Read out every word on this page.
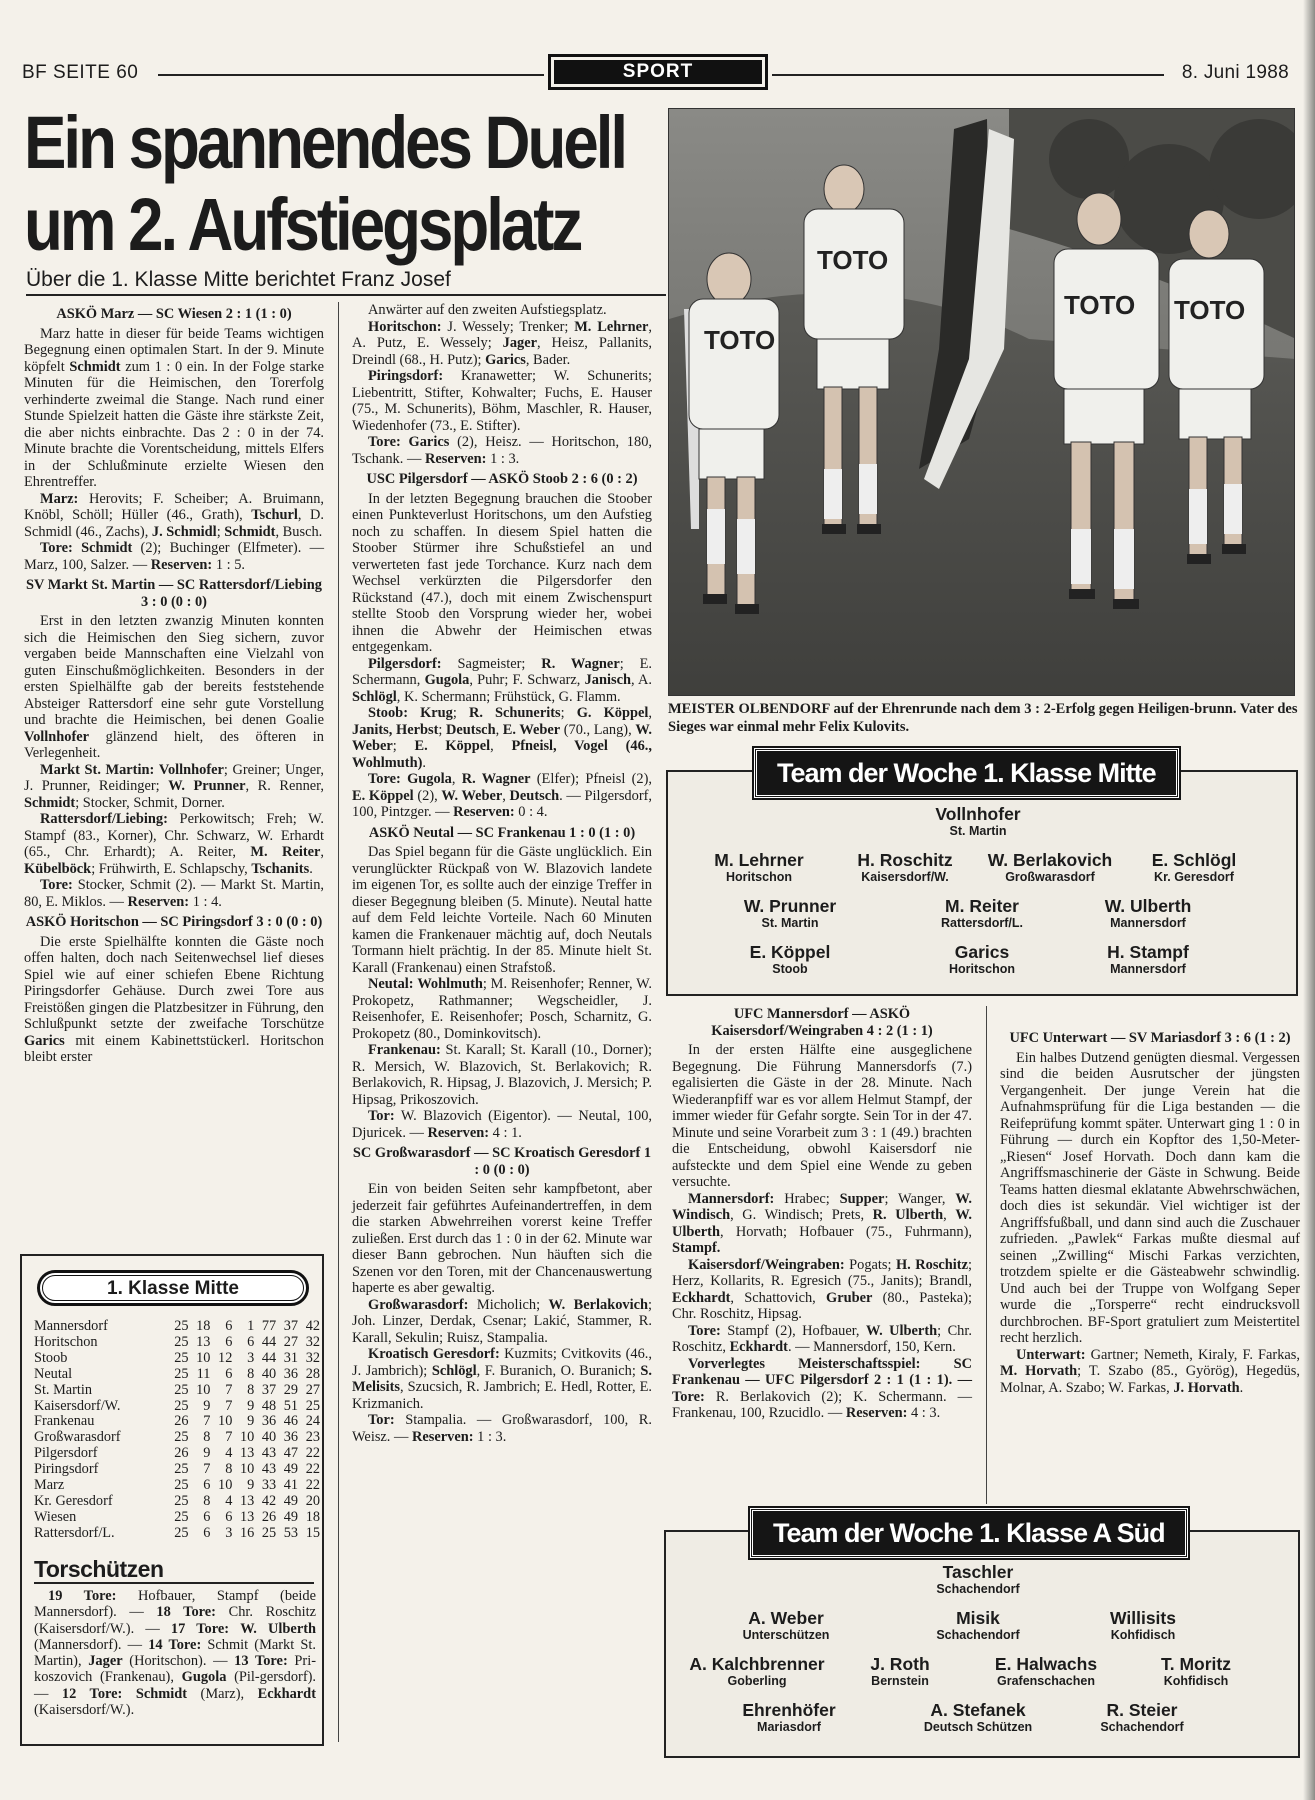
BF SEITE 60	SPORT	8. Juni 1988
Ein spannendes Duell
um 2. Aufstiegsplatz
Über die 1. Klasse Mitte berichtet Franz Josef

ASKÖ Marz — SC Wiesen 2 : 1 (1 : 0)

Marz hatte in dieser für beide Teams wichtigen Begegnung einen optimalen Start. In der 9. Minute köpfelt Schmidt zum 1 : 0 ein. In der Folge starke Minuten für die Heimischen, den Torerfolg verhinderte zweimal die Stange. Nach rund einer Stunde Spielzeit hatten die Gäste ihre stärkste Zeit, die aber nichts einbrachte. Das 2 : 0 in der 74. Minute brachte die Vorentscheidung, mittels Elfers in der Schlußminute erzielte Wiesen den Ehrentreffer.

Marz: Herovits; F. Scheiber; A. Bruimann, Knöbl, Schöll; Hüller (46., Grath), Tschurl, D. Schmidl (46., Zachs), J. Schmidl; Schmidt, Busch.

Tore: Schmidt (2); Buchinger (Elfmeter). — Marz, 100, Salzer. — Reserven: 1 : 5.

SV Markt St. Martin — SC Rattersdorf/Liebing 3 : 0 (0 : 0)

Erst in den letzten zwanzig Minuten konnten sich die Heimischen den Sieg sichern, zuvor vergaben beide Mannschaften eine Vielzahl von guten Einschußmöglichkeiten. Besonders in der ersten Spielhälfte gab der bereits feststehende Absteiger Rattersdorf eine sehr gute Vorstellung und brachte die Heimischen, bei denen Goalie Vollnhofer glänzend hielt, des öfteren in Verlegenheit.

Markt St. Martin: Vollnhofer; Greiner; Unger, J. Prunner, Reidinger; W. Prunner, R. Renner, Schmidt; Stocker, Schmit, Dorner.

Rattersdorf/Liebing: Perkowitsch; Freh; W. Stampf (83., Korner), Chr. Schwarz, W. Erhardt (65., Chr. Erhardt); A. Reiter, M. Reiter, Kübelböck; Frühwirth, E. Schlapschy, Tschanits.

Tore: Stocker, Schmit (2). — Markt St. Martin, 80, E. Miklos. — Reserven: 1 : 4.

ASKÖ Horitschon — SC Piringsdorf 3 : 0 (0 : 0)

Die erste Spielhälfte konnten die Gäste noch offen halten, doch nach Seitenwechsel lief dieses Spiel wie auf einer schiefen Ebene Richtung Piringsdorfer Gehäuse. Durch zwei Tore aus Freistößen gingen die Platzbesitzer in Führung, den Schlußpunkt setzte der zweifache Torschütze Garics mit einem Kabinettstückerl. Horitschon bleibt erster

Anwärter auf den zweiten Aufstiegsplatz.

Horitschon: J. Wessely; Trenker; M. Lehrner, A. Putz, E. Wessely; Jager, Heisz, Pallanits, Dreindl (68., H. Putz); Garics, Bader.

Piringsdorf: Kranawetter; W. Schunerits; Liebentritt, Stifter, Kohwalter; Fuchs, E. Hauser (75., M. Schunerits), Böhm, Maschler, R. Hauser, Wiedenhofer (73., E. Stifter).

Tore: Garics (2), Heisz. — Horitschon, 180, Tschank. — Reserven: 1 : 3.

USC Pilgersdorf — ASKÖ Stoob 2 : 6 (0 : 2)

In der letzten Begegnung brauchen die Stoober einen Punkteverlust Horitschons, um den Aufstieg noch zu schaffen. In diesem Spiel hatten die Stoober Stürmer ihre Schußstiefel an und verwerteten fast jede Torchance. Kurz nach dem Wechsel verkürzten die Pilgersdorfer den Rückstand (47.), doch mit einem Zwischenspurt stellte Stoob den Vorsprung wieder her, wobei ihnen die Abwehr der Heimischen etwas entgegenkam.

Pilgersdorf: Sagmeister; R. Wagner; E. Schermann, Gugola, Puhr; F. Schwarz, Janisch, A. Schlögl, K. Schermann; Frühstück, G. Flamm.

Stoob: Krug; R. Schunerits; G. Köppel, Janits, Herbst; Deutsch, E. Weber (70., Lang), W. Weber; E. Köppel, Pfneisl, Vogel (46., Wohlmuth).

Tore: Gugola, R. Wagner (Elfer); Pfneisl (2), E. Köppel (2), W. Weber, Deutsch. — Pilgersdorf, 100, Pintzger. — Reserven: 0 : 4.

ASKÖ Neutal — SC Frankenau 1 : 0 (1 : 0)

Das Spiel begann für die Gäste unglücklich. Ein verunglückter Rückpaß von W. Blazovich landete im eigenen Tor, es sollte auch der einzige Treffer in dieser Begegnung bleiben (5. Minute). Neutal hatte auf dem Feld leichte Vorteile. Nach 60 Minuten kamen die Frankenauer mächtig auf, doch Neutals Tormann hielt prächtig. In der 85. Minute hielt St. Karall (Frankenau) einen Strafstoß.

Neutal: Wohlmuth; M. Reisenhofer; Renner, W. Prokopetz, Rathmanner; Wegscheidler, J. Reisenhofer, E. Reisenhofer; Posch, Scharnitz, G. Prokopetz (80., Dominkovitsch).

Frankenau: St. Karall; St. Karall (10., Dorner); R. Mersich, W. Blazovich, St. Berlakovich; R. Berlakovich, R. Hipsag, J. Blazovich, J. Mersich; P. Hipsag, Prikoszovich.

Tor: W. Blazovich (Eigentor). — Neutal, 100, Djuricek. — Reserven: 4 : 1.

SC Großwarasdorf — SC Kroatisch Geresdorf 1 : 0 (0 : 0)

Ein von beiden Seiten sehr kampfbetont, aber jederzeit fair geführtes Aufeinandertreffen, in dem die starken Abwehrreihen vorerst keine Treffer zuließen. Erst durch das 1 : 0 in der 62. Minute war dieser Bann gebrochen. Nun häuften sich die Szenen vor den Toren, mit der Chancenauswertung haperte es aber gewaltig.

Großwarasdorf: Micholich; W. Berlakovich; Joh. Linzer, Derdak, Csenar; Lakić, Stammer, R. Karall, Sekulin; Ruisz, Stampalia.

Kroatisch Geresdorf: Kuzmits; Cvitkovits (46., J. Jambrich); Schlögl, F. Buranich, O. Buranich; S. Melisits, Szucsich, R. Jambrich; E. Hedl, Rotter, E. Krizmanich.

Tor: Stampalia. — Großwarasdorf, 100, R. Weisz. — Reserven: 1 : 3.

UFC Mannersdorf — ASKÖ Kaisersdorf/Weingraben 4 : 2 (1 : 1)

In der ersten Hälfte eine ausgeglichene Begegnung. Die Führung Mannersdorfs (7.) egalisierten die Gäste in der 28. Minute. Nach Wiederanpfiff war es vor allem Helmut Stampf, der immer wieder für Gefahr sorgte. Sein Tor in der 47. Minute und seine Vorarbeit zum 3 : 1 (49.) brachten die Entscheidung, obwohl Kaisersdorf nie aufsteckte und dem Spiel eine Wende zu geben versuchte.

Mannersdorf: Hrabec; Supper; Wanger, W. Windisch, G. Windisch; Prets, R. Ulberth, W. Ulberth, Horvath; Hofbauer (75., Fuhrmann), Stampf.

Kaisersdorf/Weingraben: Pogats; H. Roschitz; Herz, Kollarits, R. Egresich (75., Janits); Brandl, Eckhardt, Schattovich, Gruber (80., Pasteka); Chr. Roschitz, Hipsag.

Tore: Stampf (2), Hofbauer, W. Ulberth; Chr. Roschitz, Eckhardt. — Mannersdorf, 150, Kern.

Vorverlegtes Meisterschaftsspiel: SC Frankenau — UFC Pilgersdorf 2 : 1 (1 : 1). — Tore: R. Berlakovich (2); K. Schermann. — Frankenau, 100, Rzucidlo. — Reserven: 4 : 3.

UFC Unterwart — SV Mariasdorf 3 : 6 (1 : 2)

Ein halbes Dutzend genügten diesmal. Vergessen sind die beiden Ausrutscher der jüngsten Vergangenheit. Der junge Verein hat die Aufnahmsprüfung für die Liga bestanden — die Reifeprüfung kommt später. Unterwart ging 1 : 0 in Führung — durch ein Kopftor des 1,50-Meter-„Riesen“ Josef Horvath. Doch dann kam die Angriffsmaschinerie der Gäste in Schwung. Beide Teams hatten diesmal eklatante Abwehrschwächen, doch dies ist sekundär. Viel wichtiger ist der Angriffsfußball, und dann sind auch die Zuschauer zufrieden. „Pawlek“ Farkas mußte diesmal auf seinen „Zwilling“ Mischi Farkas verzichten, trotzdem spielte er die Gästeabwehr schwindlig. Und auch bei der Truppe von Wolfgang Seper wurde die „Torsperre“ recht eindrucksvoll durchbrochen. BF-Sport gratuliert zum Meistertitel recht herzlich.

Unterwart: Gartner; Nemeth, Kiraly, F. Farkas, M. Horvath; T. Szabo (85., Györög), Hegedüs, Molnar, A. Szabo; W. Farkas, J. Horvath.

TOTO
TOTO
TOTO TOTO
MEISTER OLBENDORF auf der Ehrenrunde nach dem 3 : 2-Erfolg gegen Heiligen-brunn. Vater des Sieges war einmal mehr Felix Kulovits.
Team der Woche 1. Klasse Mitte
Vollnhofer
St. Martin
M. Lehrner
Horitschon
H. Roschitz
Kaisersdorf/W.
W. Berlakovich
Großwarasdorf
E. Schlögl
Kr. Geresdorf
W. Prunner
St. Martin
M. Reiter
Rattersdorf/L.
W. Ulberth
Mannersdorf
E. Köppel
Stoob
Garics
Horitschon
H. Stampf
Mannersdorf
Team der Woche 1. Klasse A Süd
Taschler
Schachendorf
A. Weber
Unterschützen
Misik
Schachendorf
Willisits
Kohfidisch
A. Kalchbrenner
Goberling
J. Roth
Bernstein
E. Halwachs
Grafenschachen
T. Moritz
Kohfidisch
Ehrenhöfer
Mariasdorf
A. Stefanek
Deutsch Schützen
R. Steier
Schachendorf
1. Klasse Mitte
Mannersdorf	25	18	6	1	77	37	42
Horitschon	25	13	6	6	44	27	32
Stoob	25	10	12	3	44	31	32
Neutal	25	11	6	8	40	36	28
St. Martin	25	10	7	8	37	29	27
Kaisersdorf/W.	25	9	7	9	48	51	25
Frankenau	26	7	10	9	36	46	24
Großwarasdorf	25	8	7	10	40	36	23
Pilgersdorf	26	9	4	13	43	47	22
Piringsdorf	25	7	8	10	43	49	22
Marz	25	6	10	9	33	41	22
Kr. Geresdorf	25	8	4	13	42	49	20
Wiesen	25	6	6	13	26	49	18
Rattersdorf/L.	25	6	3	16	25	53	15
Torschützen

19 Tore: Hofbauer, Stampf (beide Mannersdorf). — 18 Tore: Chr. Roschitz (Kaisersdorf/W.). — 17 Tore: W. Ulberth (Mannersdorf). — 14 Tore: Schmit (Markt St. Martin), Jager (Horitschon). — 13 Tore: Pri-koszovich (Frankenau), Gugola (Pil-gersdorf). — 12 Tore: Schmidt (Marz), Eckhardt (Kaisersdorf/W.).
